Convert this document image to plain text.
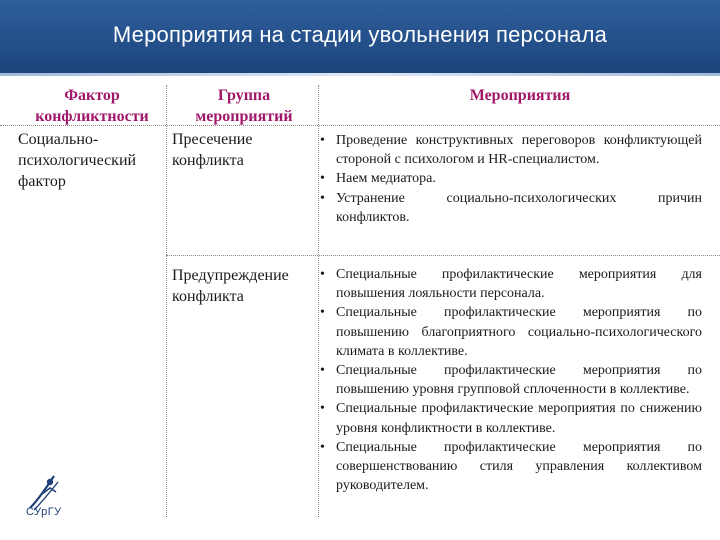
Мероприятия на стадии увольнения персонала
Фактор конфликтности
Группа мероприятий
Мероприятия
Социально-психологический фактор
Пресечение конфликта
• Проведение конструктивных переговоров конфликтующей стороной с психологом и HR-специалистом.
• Наем медиатора.
• Устранение социально-психологических причин конфликтов.
Предупреждение конфликта
• Специальные профилактические мероприятия для повышения лояльности персонала.
• Специальные профилактические мероприятия по повышению благоприятного социально-психологического климата в коллективе.
• Специальные профилактические мероприятия по повышению уровня групповой сплоченности в коллективе.
• Специальные профилактические мероприятия по снижению уровня конфликтности в коллективе.
• Специальные профилактические мероприятия по совершенствованию стиля управления коллективом руководителем.
СУрГУ
